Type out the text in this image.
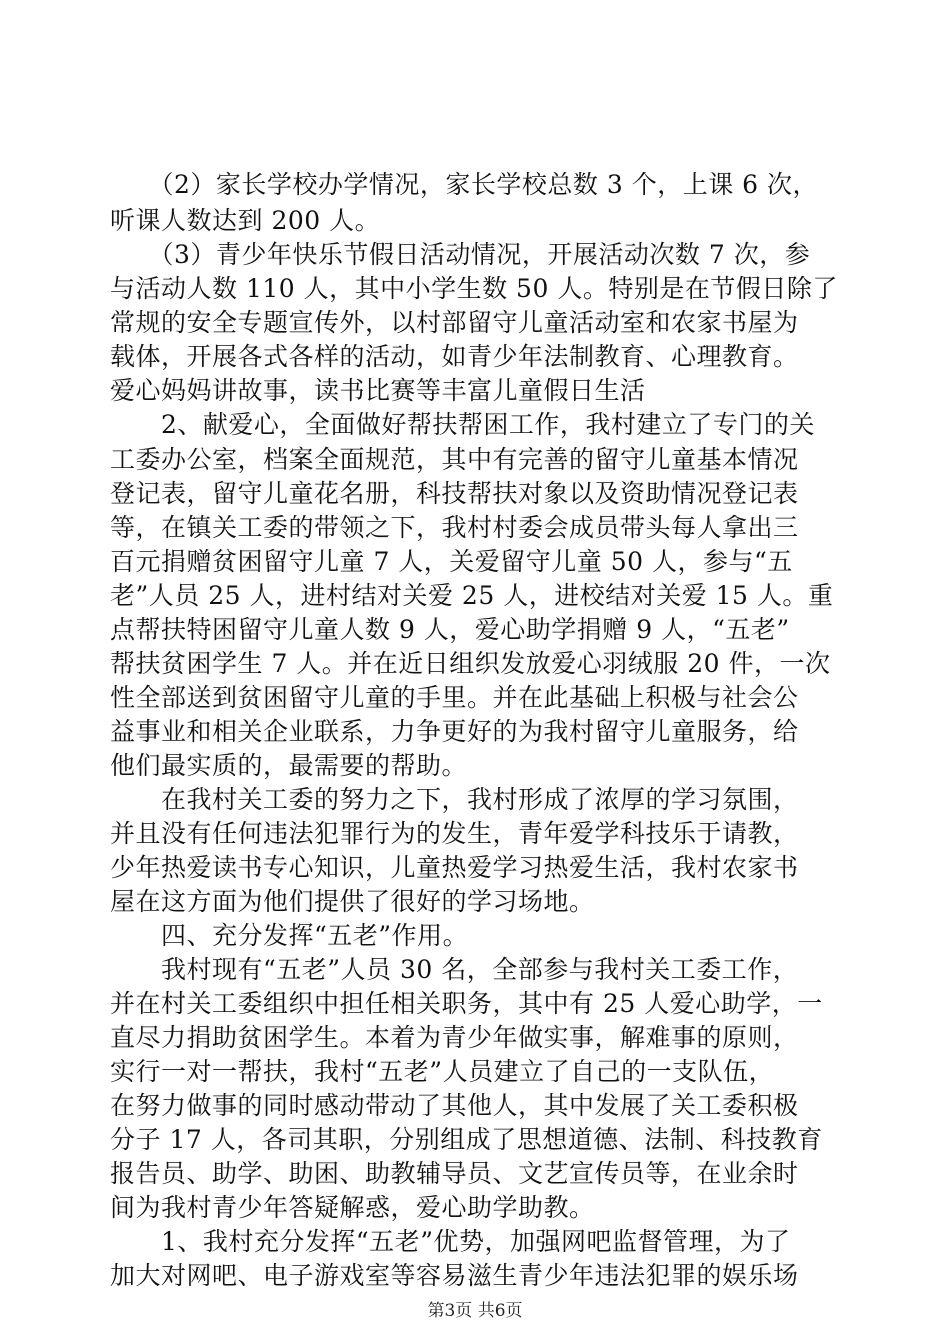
　　（2）家长学校办学情况，家长学校总数 3 个，上课 6 次，
听课人数达到 200 人。
　　（3）青少年快乐节假日活动情况，开展活动次数 7 次，参
与活动人数 110 人，其中小学生数 50 人。特别是在节假日除了
常规的安全专题宣传外，以村部留守儿童活动室和农家书屋为
载体，开展各式各样的活动，如青少年法制教育、心理教育。
爱心妈妈讲故事，读书比赛等丰富儿童假日生活
　　2、献爱心，全面做好帮扶帮困工作，我村建立了专门的关
工委办公室，档案全面规范，其中有完善的留守儿童基本情况
登记表，留守儿童花名册，科技帮扶对象以及资助情况登记表
等，在镇关工委的带领之下，我村村委会成员带头每人拿出三
百元捐赠贫困留守儿童 7 人，关爱留守儿童 50 人，参与“五
老”人员 25 人，进村结对关爱 25 人，进校结对关爱 15 人。重
点帮扶特困留守儿童人数 9 人，爱心助学捐赠 9 人，“五老”
帮扶贫困学生 7 人。并在近日组织发放爱心羽绒服 20 件，一次
性全部送到贫困留守儿童的手里。并在此基础上积极与社会公
益事业和相关企业联系，力争更好的为我村留守儿童服务，给
他们最实质的，最需要的帮助。
　　在我村关工委的努力之下，我村形成了浓厚的学习氛围，
并且没有任何违法犯罪行为的发生，青年爱学科技乐于请教，
少年热爱读书专心知识，儿童热爱学习热爱生活，我村农家书
屋在这方面为他们提供了很好的学习场地。
　　四、充分发挥“五老”作用。
　　我村现有“五老”人员 30 名，全部参与我村关工委工作，
并在村关工委组织中担任相关职务，其中有 25 人爱心助学，一
直尽力捐助贫困学生。本着为青少年做实事，解难事的原则，
实行一对一帮扶，我村“五老”人员建立了自己的一支队伍，
在努力做事的同时感动带动了其他人，其中发展了关工委积极
分子 17 人，各司其职，分别组成了思想道德、法制、科技教育
报告员、助学、助困、助教辅导员、文艺宣传员等，在业余时
间为我村青少年答疑解惑，爱心助学助教。
　　1、我村充分发挥“五老”优势，加强网吧监督管理，为了
加大对网吧、电子游戏室等容易滋生青少年违法犯罪的娱乐场
第3页 共6页
